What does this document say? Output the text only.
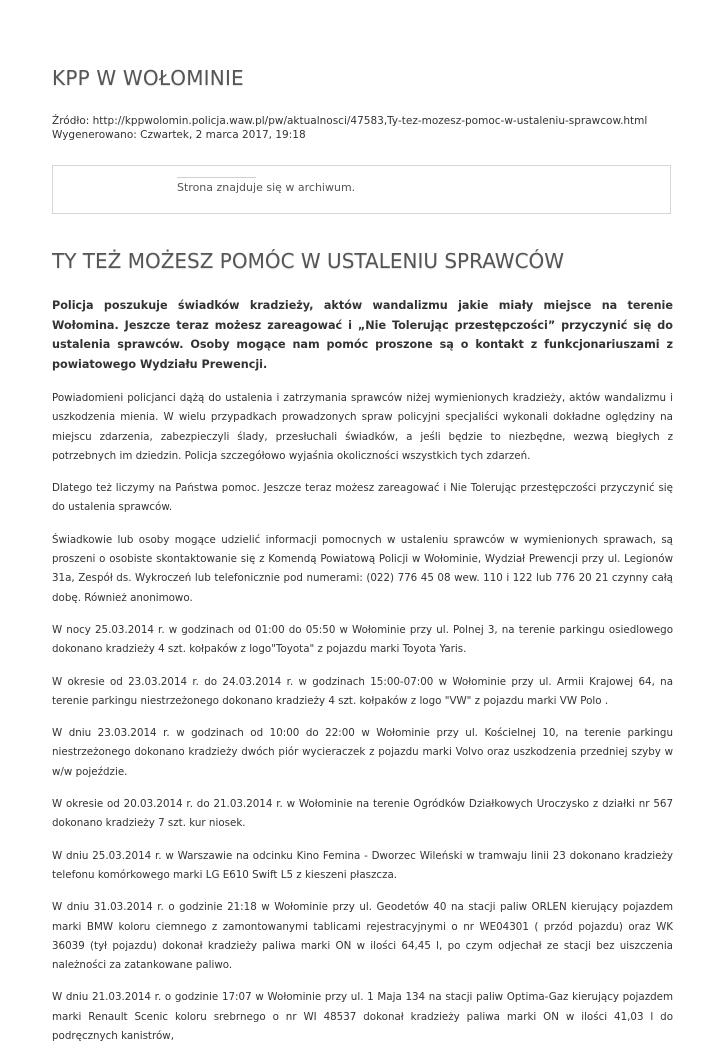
KPP W WOŁOMINIE
Źródło: http://kppwolomin.policja.waw.pl/pw/aktualnosci/47583,Ty-tez-mozesz-pomoc-w-ustaleniu-sprawcow.html
Wygenerowano: Czwartek, 2 marca 2017, 19:18
Strona znajduje się w archiwum.
TY TEŻ MOŻESZ POMÓC W USTALENIU SPRAWCÓW

Policja poszukuje świadków kradzieży, aktów wandalizmu jakie miały miejsce na terenie Wołomina. Jeszcze teraz możesz zareagować i „Nie Tolerując przestępczości” przyczynić się do ustalenia sprawców. Osoby mogące nam pomóc proszone są o kontakt z funkcjonariuszami z powiatowego Wydziału Prewencji.

Powiadomieni policjanci dążą do ustalenia i zatrzymania sprawców niżej wymienionych kradzieży, aktów wandalizmu i uszkodzenia mienia. W wielu przypadkach prowadzonych spraw policyjni specjaliści wykonali dokładne oględziny na miejscu zdarzenia, zabezpieczyli ślady, przesłuchali świadków, a jeśli będzie to niezbędne, wezwą biegłych z potrzebnych im dziedzin. Policja szczegółowo wyjaśnia okoliczności wszystkich tych zdarzeń.

Dlatego też liczymy na Państwa pomoc. Jeszcze teraz możesz zareagować i Nie Tolerując przestępczości przyczynić się do ustalenia sprawców.

Świadkowie lub osoby mogące udzielić informacji pomocnych w ustaleniu sprawców w wymienionych sprawach, są proszeni o osobiste skontaktowanie się z Komendą Powiatową Policji w Wołominie, Wydział Prewencji przy ul. Legionów 31a, Zespół ds. Wykroczeń lub telefonicznie pod numerami: (022) 776 45 08 wew. 110 i 122 lub 776 20 21 czynny całą dobę. Również anonimowo.

W nocy 25.03.2014 r. w godzinach od 01:00 do 05:50 w Wołominie przy ul. Polnej 3, na terenie parkingu osiedlowego dokonano kradzieży 4 szt. kołpaków z logo"Toyota" z pojazdu marki Toyota Yaris.

W okresie od 23.03.2014 r. do 24.03.2014 r. w godzinach 15:00-07:00 w Wołominie przy ul. Armii Krajowej 64, na terenie parkingu niestrzeżonego dokonano kradzieży 4 szt. kołpaków z logo "VW" z pojazdu marki VW Polo .

W dniu 23.03.2014 r. w godzinach od 10:00 do 22:00 w Wołominie przy ul. Kościelnej 10, na terenie parkingu niestrzeżonego dokonano kradzieży dwóch piór wycieraczek z pojazdu marki Volvo oraz uszkodzenia przedniej szyby w w/w pojeździe.

W okresie od 20.03.2014 r. do 21.03.2014 r. w Wołominie na terenie Ogródków Działkowych Uroczysko z działki nr 567 dokonano kradzieży 7 szt. kur niosek.

W dniu 25.03.2014 r. w Warszawie na odcinku Kino Femina - Dworzec Wileński w tramwaju linii 23 dokonano kradzieży telefonu komórkowego marki LG E610 Swift L5 z kieszeni płaszcza.

W dniu 31.03.2014 r. o godzinie 21:18 w Wołominie przy ul. Geodetów 40 na stacji paliw ORLEN kierujący pojazdem marki BMW koloru ciemnego z zamontowanymi tablicami rejestracyjnymi o nr WE04301 ( przód pojazdu) oraz WK 36039 (tył pojazdu) dokonał kradzieży paliwa marki ON w ilości 64,45 l, po czym odjechał ze stacji bez uiszczenia należności za zatankowane paliwo.

W dniu 21.03.2014 r. o godzinie 17:07 w Wołominie przy ul. 1 Maja 134 na stacji paliw Optima-Gaz kierujący pojazdem marki Renault Scenic koloru srebrnego o nr WI 48537 dokonał kradzieży paliwa marki ON w ilości 41,03 l do podręcznych kanistrów,
